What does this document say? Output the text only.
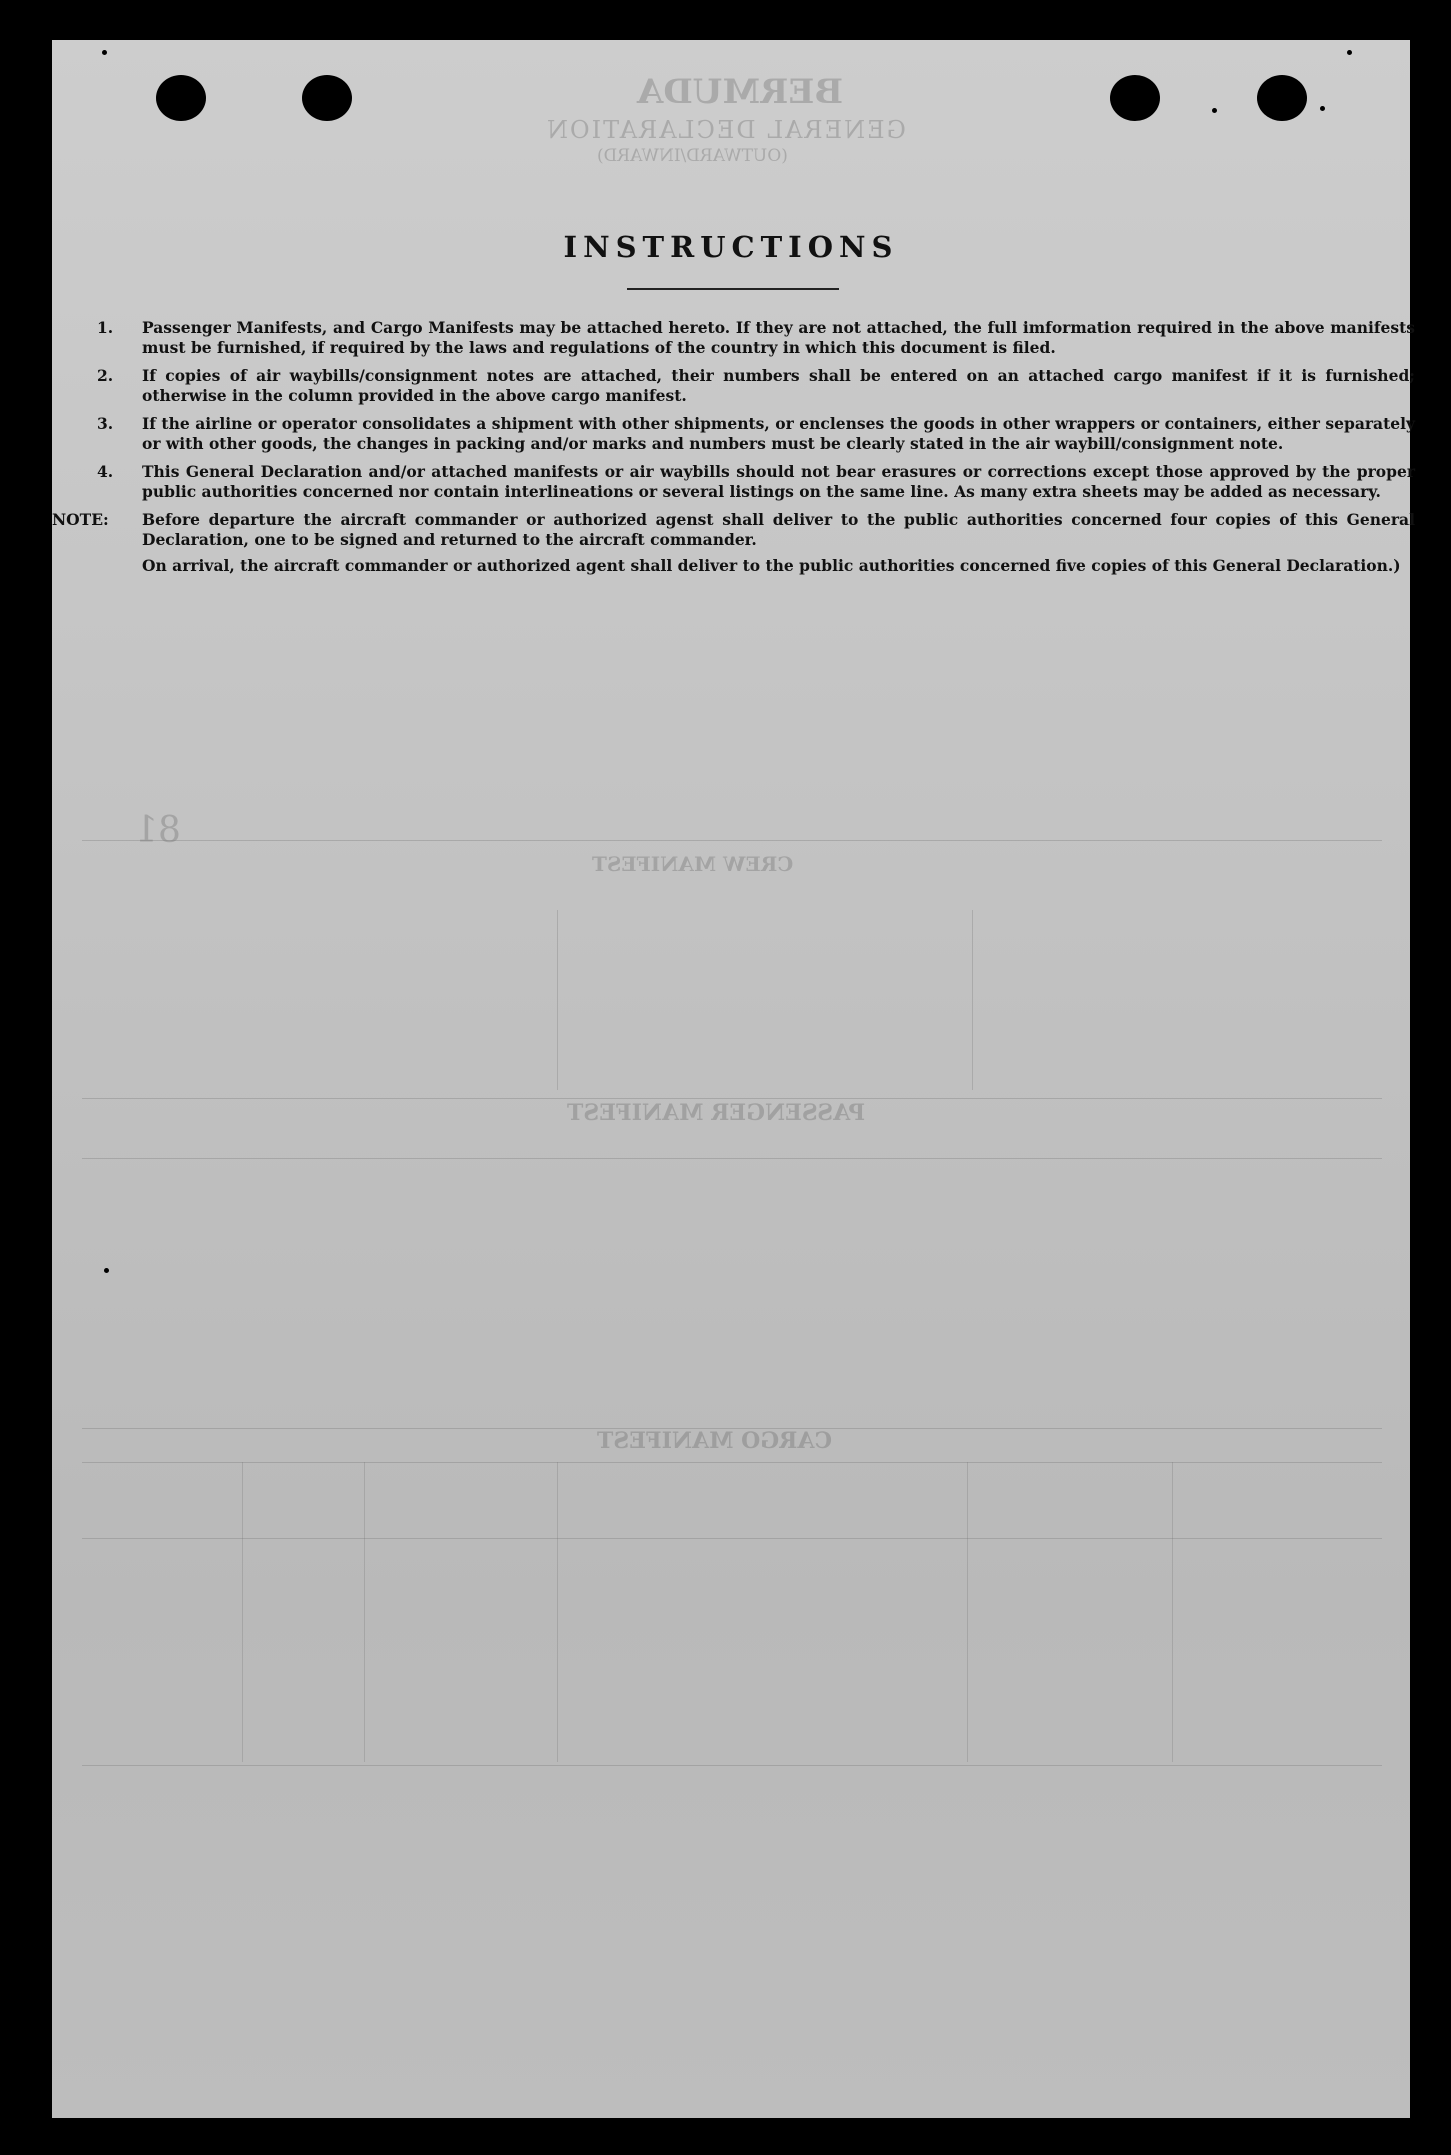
BERMUDA
GENERAL DECLARATION
(OUTWARD/INWARD)
CREW MANIFEST
PASSENGER MANIFEST
CARGO MANIFEST
81
INSTRUCTIONS
1. Passenger Manifests, and Cargo Manifests may be attached hereto. If they are not attached, the full imformation required in the above manifests must be furnished, if required by the laws and regulations of the country in which this document is filed.
2. If copies of air waybills/consignment notes are attached, their numbers shall be entered on an attached cargo manifest if it is furnished; otherwise in the column provided in the above cargo manifest.
3. If the airline or operator consolidates a shipment with other shipments, or enclenses the goods in other wrappers or containers, either separately or with other goods, the changes in packing and/or marks and numbers must be clearly stated in the air waybill/consignment note.
4. This General Declaration and/or attached manifests or air waybills should not bear erasures or corrections except those approved by the proper public authorities concerned nor contain interlineations or several listings on the same line. As many extra sheets may be added as necessary.
NOTE: Before departure the aircraft commander or authorized agenst shall deliver to the public authorities concerned four copies of this General Declaration, one to be signed and returned to the aircraft commander.

On arrival, the aircraft commander or authorized agent shall deliver to the public authorities concerned five copies of this General Declaration.)
